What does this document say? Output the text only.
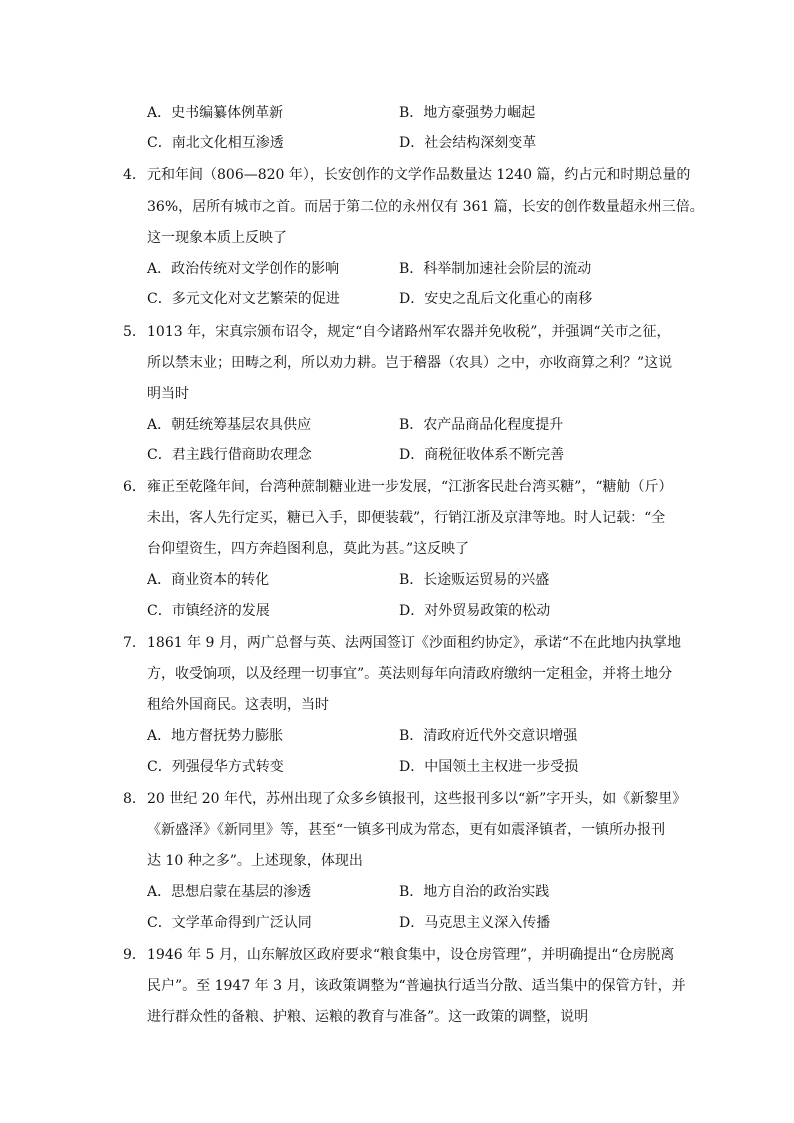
A．史书编纂体例革新	B．地方豪强势力崛起
C．南北文化相互渗透	D．社会结构深刻变革
4． 元和年间（806—820 年），长安创作的文学作品数量达 1240 篇，约占元和时期总量的
36%，居所有城市之首。而居于第二位的永州仅有 361 篇，长安的创作数量超永州三倍。
这一现象本质上反映了
A．政治传统对文学创作的影响	B．科举制加速社会阶层的流动
C．多元文化对文艺繁荣的促进	D．安史之乱后文化重心的南移
5． 1013 年，宋真宗颁布诏令，规定“自今诸路州军农器并免收税”，并强调“关市之征，
所以禁末业；田畴之利，所以劝力耕。岂于稽器（农具）之中，亦收商算之利？”这说
明当时
A．朝廷统筹基层农具供应	B．农产品商品化程度提升
C．君主践行借商助农理念	D．商税征收体系不断完善
6． 雍正至乾隆年间，台湾种蔗制糖业进一步发展，“江浙客民赴台湾买糖”，“糖觔（斤）
未出，客人先行定买，糖已入手，即便装载”，行销江浙及京津等地。时人记载：“全
台仰望资生，四方奔趋图利息，莫此为甚。”这反映了
A．商业资本的转化	B．长途贩运贸易的兴盛
C．市镇经济的发展	D．对外贸易政策的松动
7． 1861 年 9 月，两广总督与英、法两国签订《沙面租约协定》，承诺“不在此地内执掌地
方，收受饷项，以及经理一切事宜”。英法则每年向清政府缴纳一定租金，并将土地分
租给外国商民。这表明，当时
A．地方督抚势力膨胀	B．清政府近代外交意识增强
C．列强侵华方式转变	D．中国领土主权进一步受损
8． 20 世纪 20 年代，苏州出现了众多乡镇报刊，这些报刊多以“新”字开头，如《新黎里》
《新盛泽》《新同里》等，甚至“一镇多刊成为常态，更有如震泽镇者，一镇所办报刊
达 10 种之多”。上述现象，体现出
A．思想启蒙在基层的渗透	B．地方自治的政治实践
C．文学革命得到广泛认同	D．马克思主义深入传播
9． 1946 年 5 月，山东解放区政府要求“粮食集中，设仓房管理”，并明确提出“仓房脱离
民户”。至 1947 年 3 月，该政策调整为“普遍执行适当分散、适当集中的保管方针，并
进行群众性的备粮、护粮、运粮的教育与准备”。这一政策的调整，说明
